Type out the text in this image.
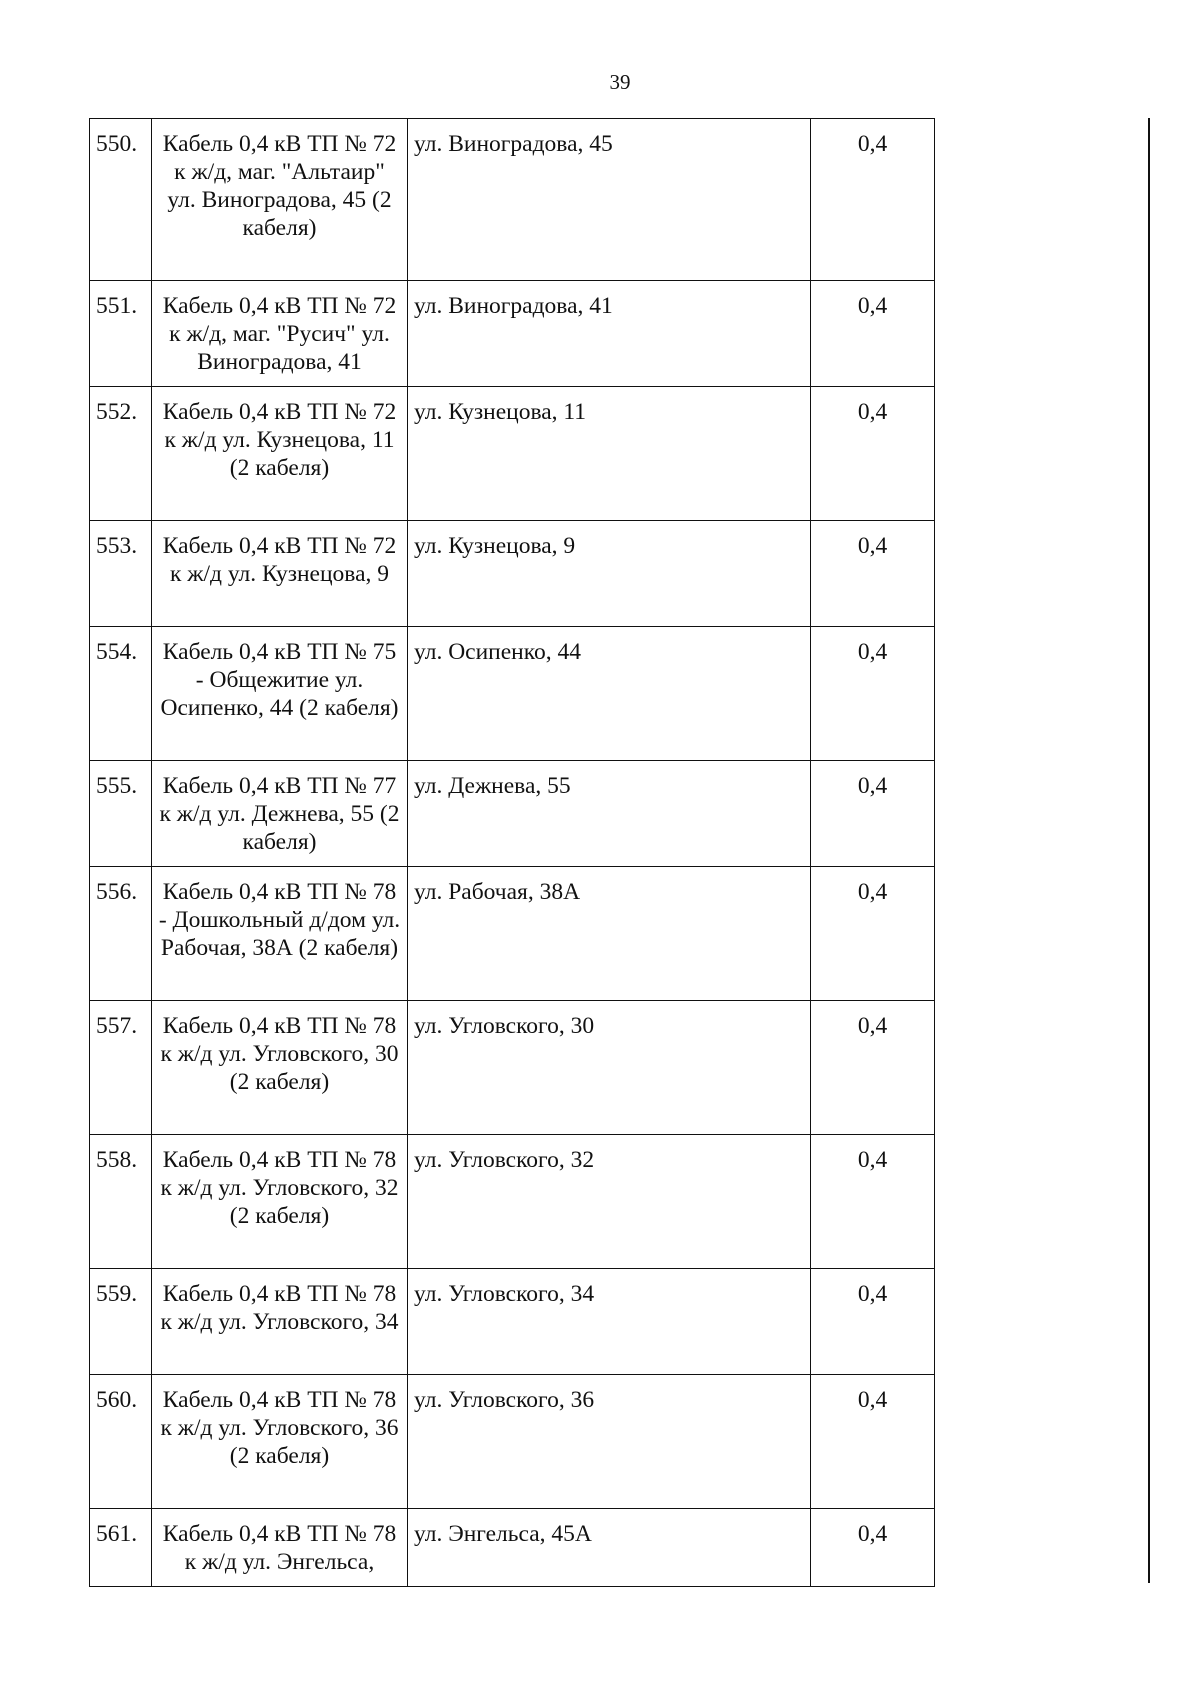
39
550.	Кабель 0,4 кВ ТП № 72 к ж/д, маг. "Альтаир" ул. Виноградова, 45 (2 кабеля)	ул. Виноградова, 45	0,4
551.	Кабель 0,4 кВ ТП № 72 к ж/д, маг. "Русич" ул. Виноградова, 41	ул. Виноградова, 41	0,4
552.	Кабель 0,4 кВ ТП № 72 к ж/д ул. Кузнецова, 11 (2 кабеля)	ул. Кузнецова, 11	0,4
553.	Кабель 0,4 кВ ТП № 72 к ж/д ул. Кузнецова, 9	ул. Кузнецова, 9	0,4
554.	Кабель 0,4 кВ ТП № 75 - Общежитие ул. Осипенко, 44 (2 кабеля)	ул. Осипенко, 44	0,4
555.	Кабель 0,4 кВ ТП № 77 к ж/д ул. Дежнева, 55 (2 кабеля)	ул. Дежнева, 55	0,4
556.	Кабель 0,4 кВ ТП № 78 - Дошкольный д/дом ул. Рабочая, 38А (2 кабеля)	ул. Рабочая, 38А	0,4
557.	Кабель 0,4 кВ ТП № 78 к ж/д ул. Угловского, 30 (2 кабеля)	ул. Угловского, 30	0,4
558.	Кабель 0,4 кВ ТП № 78 к ж/д ул. Угловского, 32 (2 кабеля)	ул. Угловского, 32	0,4
559.	Кабель 0,4 кВ ТП № 78 к ж/д ул. Угловского, 34	ул. Угловского, 34	0,4
560.	Кабель 0,4 кВ ТП № 78 к ж/д ул. Угловского, 36 (2 кабеля)	ул. Угловского, 36	0,4
561.	Кабель 0,4 кВ ТП № 78 к ж/д ул. Энгельса,	ул. Энгельса, 45А	0,4
